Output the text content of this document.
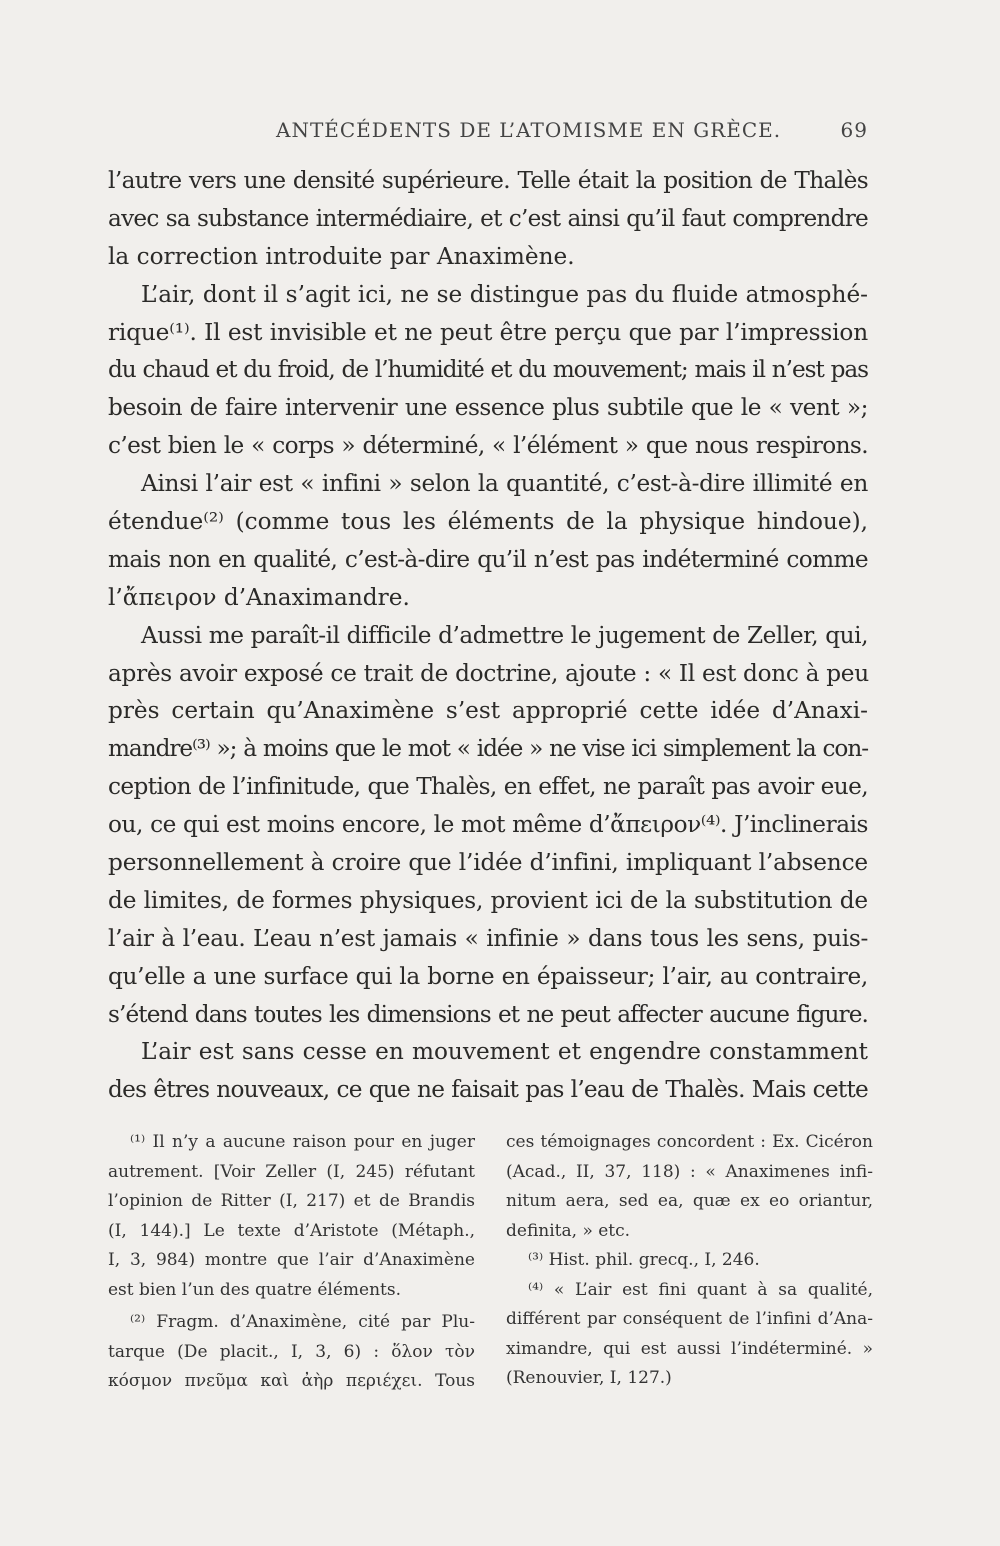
ANTÉCÉDENTS DE L’ATOMISME EN GRÈCE.	69
l’autre vers une densité supérieure. Telle était la position de Thalès
avec sa substance intermédiaire, et c’est ainsi qu’il faut comprendre
la correction introduite par Anaximène.
L’air, dont il s’agit ici, ne se distingue pas du fluide atmosphé-
rique⁽¹⁾. Il est invisible et ne peut être perçu que par l’impression
du chaud et du froid, de l’humidité et du mouvement; mais il n’est pas
besoin de faire intervenir une essence plus subtile que le « vent »;
c’est bien le « corps » déterminé, « l’élément » que nous respirons.
Ainsi l’air est « infini » selon la quantité, c’est-à-dire illimité en
étendue⁽²⁾ (comme tous les éléments de la physique hindoue),
mais non en qualité, c’est-à-dire qu’il n’est pas indéterminé comme
l’ἄπειρον d’Anaximandre.
Aussi me paraît-il difficile d’admettre le jugement de Zeller, qui,
après avoir exposé ce trait de doctrine, ajoute : « Il est donc à peu
près certain qu’Anaximène s’est approprié cette idée d’Anaxi-
mandre⁽³⁾ »; à moins que le mot « idée » ne vise ici simplement la con-
ception de l’infinitude, que Thalès, en effet, ne paraît pas avoir eue,
ou, ce qui est moins encore, le mot même d’ἄπειρον⁽⁴⁾. J’inclinerais
personnellement à croire que l’idée d’infini, impliquant l’absence
de limites, de formes physiques, provient ici de la substitution de
l’air à l’eau. L’eau n’est jamais « infinie » dans tous les sens, puis-
qu’elle a une surface qui la borne en épaisseur; l’air, au contraire,
s’étend dans toutes les dimensions et ne peut affecter aucune figure.
L’air est sans cesse en mouvement et engendre constamment
des êtres nouveaux, ce que ne faisait pas l’eau de Thalès. Mais cette
⁽¹⁾ Il n’y a aucune raison pour en juger
autrement. [Voir Zeller (I, 245) réfutant
l’opinion de Ritter (I, 217) et de Brandis
(I, 144).] Le texte d’Aristote (Métaph.,
I, 3, 984) montre que l’air d’Anaximène
est bien l’un des quatre éléments.
⁽²⁾ Fragm. d’Anaximène, cité par Plu-
tarque (De placit., I, 3, 6) : ὅλον τὸν
κόσμον πνεῦμα καὶ ἀὴρ περιέχει. Tous
ces témoignages concordent : Ex. Cicéron
(Acad., II, 37, 118) : « Anaximenes infi-
nitum aera, sed ea, quæ ex eo oriantur,
definita, » etc.
⁽³⁾ Hist. phil. grecq., I, 246.
⁽⁴⁾ « L’air est fini quant à sa qualité,
différent par conséquent de l’infini d’Ana-
ximandre, qui est aussi l’indéterminé. »
(Renouvier, I, 127.)
